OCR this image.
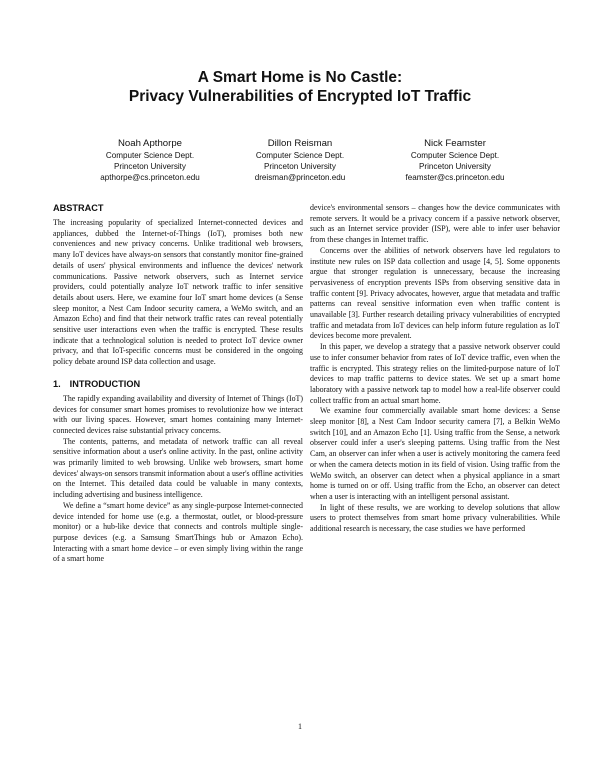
A Smart Home is No Castle:
Privacy Vulnerabilities of Encrypted IoT Traffic
Noah Apthorpe
Computer Science Dept.
Princeton University
apthorpe@cs.princeton.edu
Dillon Reisman
Computer Science Dept.
Princeton University
dreisman@princeton.edu
Nick Feamster
Computer Science Dept.
Princeton University
feamster@cs.princeton.edu
ABSTRACT

The increasing popularity of specialized Internet-connected devices and appliances, dubbed the Internet-of-Things (IoT), promises both new conveniences and new privacy concerns. Unlike traditional web browsers, many IoT devices have always-on sensors that constantly monitor fine-grained details of users' physical environments and influence the devices' network communications. Passive network observers, such as Internet service providers, could potentially analyze IoT network traffic to infer sensitive details about users. Here, we examine four IoT smart home devices (a Sense sleep monitor, a Nest Cam Indoor security camera, a WeMo switch, and an Amazon Echo) and find that their network traffic rates can reveal potentially sensitive user interactions even when the traffic is encrypted. These results indicate that a technological solution is needed to protect IoT device owner privacy, and that IoT-specific concerns must be considered in the ongoing policy debate around ISP data collection and usage.

1. INTRODUCTION

The rapidly expanding availability and diversity of Internet of Things (IoT) devices for consumer smart homes promises to revolutionize how we interact with our living spaces. However, smart homes containing many Internet-connected devices raise substantial privacy concerns.

The contents, patterns, and metadata of network traffic can all reveal sensitive information about a user's online activity. In the past, online activity was primarily limited to web browsing. Unlike web browsers, smart home devices' always-on sensors transmit information about a user's offline activities on the Internet. This detailed data could be valuable in many contexts, including advertising and business intelligence.

We define a “smart home device” as any single-purpose Internet-connected device intended for home use (e.g. a thermostat, outlet, or blood-pressure monitor) or a hub-like device that connects and controls multiple single-purpose devices (e.g. a Samsung SmartThings hub or Amazon Echo). Interacting with a smart home device – or even simply living within the range of a smart home

device's environmental sensors – changes how the device communicates with remote servers. It would be a privacy concern if a passive network observer, such as an Internet service provider (ISP), were able to infer user behavior from these changes in Internet traffic.

Concerns over the abilities of network observers have led regulators to institute new rules on ISP data collection and usage [4, 5]. Some opponents argue that stronger regulation is unnecessary, because the increasing pervasiveness of encryption prevents ISPs from observing sensitive data in traffic content [9]. Privacy advocates, however, argue that metadata and traffic patterns can reveal sensitive information even when traffic content is unavailable [3]. Further research detailing privacy vulnerabilities of encrypted traffic and metadata from IoT devices can help inform future regulation as IoT devices become more prevalent.

In this paper, we develop a strategy that a passive network observer could use to infer consumer behavior from rates of IoT device traffic, even when the traffic is encrypted. This strategy relies on the limited-purpose nature of IoT devices to map traffic patterns to device states. We set up a smart home laboratory with a passive network tap to model how a real-life observer could collect traffic from an actual smart home.

We examine four commercially available smart home devices: a Sense sleep monitor [8], a Nest Cam Indoor security camera [7], a Belkin WeMo switch [10], and an Amazon Echo [1]. Using traffic from the Sense, a network observer could infer a user's sleeping patterns. Using traffic from the Nest Cam, an observer can infer when a user is actively monitoring the camera feed or when the camera detects motion in its field of vision. Using traffic from the WeMo switch, an observer can detect when a physical appliance in a smart home is turned on or off. Using traffic from the Echo, an observer can detect when a user is interacting with an intelligent personal assistant.

In light of these results, we are working to develop solutions that allow users to protect themselves from smart home privacy vulnerabilities. While additional research is necessary, the case studies we have performed

1
